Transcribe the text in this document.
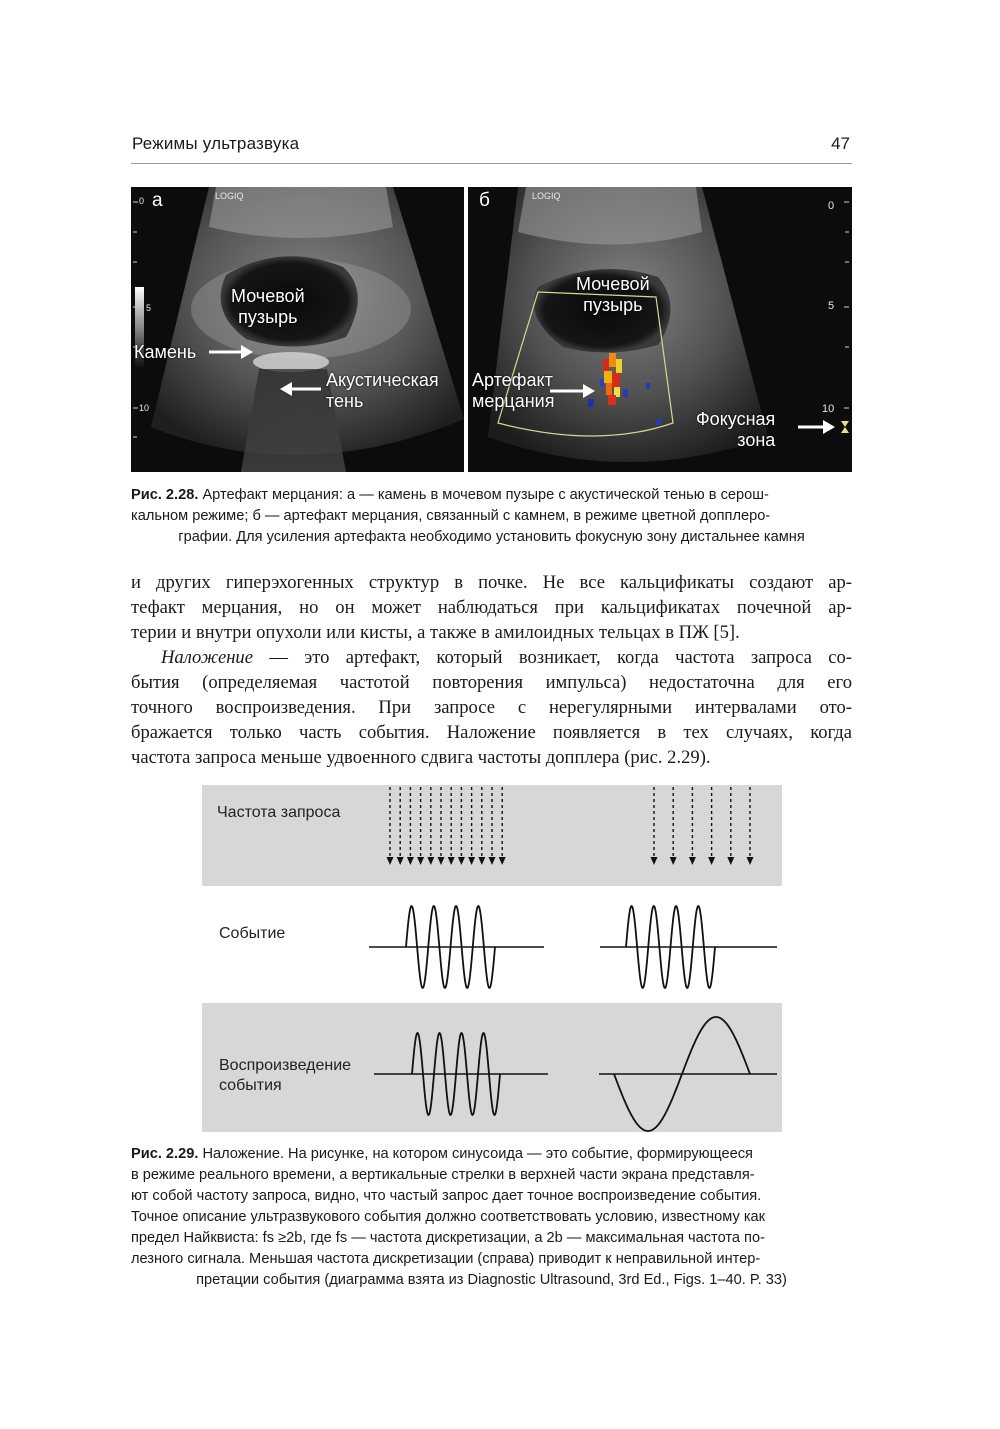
Режимы ультразвука	47
а	LOGIQ
0
5
10
Мочевой
пузырь
Камень
Акустическая
тень
б	LOGIQ
0
5
10
Мочевой
пузырь
Артефакт
мерцания
Фокусная
зона
Рис. 2.28. Артефакт мерцания: а — камень в мочевом пузыре с акустической тенью в серош-
кальном режиме; б — артефакт мерцания, связанный с камнем, в режиме цветной допплеро-
графии. Для усиления артефакта необходимо установить фокусную зону дистальнее камня
и других гиперэхогенных структур в почке. Не все кальцификаты создают ар-
тефакт мерцания, но он может наблюдаться при кальцификатах почечной ар-
терии и внутри опухоли или кисты, а также в амилоидных тельцах в ПЖ [5].
Наложение — это артефакт, который возникает, когда частота запроса со-
бытия (определяемая частотой повторения импульса) недостаточна для его
точного воспроизведения. При запросе с нерегулярными интервалами ото-
бражается только часть события. Наложение появляется в тех случаях, когда
частота запроса меньше удвоенного сдвига частоты допплера (рис. 2.29).
Частота запроса
Событие
Воспроизведение
события
Рис. 2.29. Наложение. На рисунке, на котором синусоида — это событие, формирующееся
в режиме реального времени, а вертикальные стрелки в верхней части экрана представля-
ют собой частоту запроса, видно, что частый запрос дает точное воспроизведение события.
Точное описание ультразвукового события должно соответствовать условию, известному как
предел Найквиста: fs ≥2b, где fs — частота дискретизации, а 2b — максимальная частота по-
лезного сигнала. Меньшая частота дискретизации (справа) приводит к неправильной интер-
претации события (диаграмма взята из Diagnostic Ultrasound, 3rd Ed., Figs. 1–40. P. 33)
